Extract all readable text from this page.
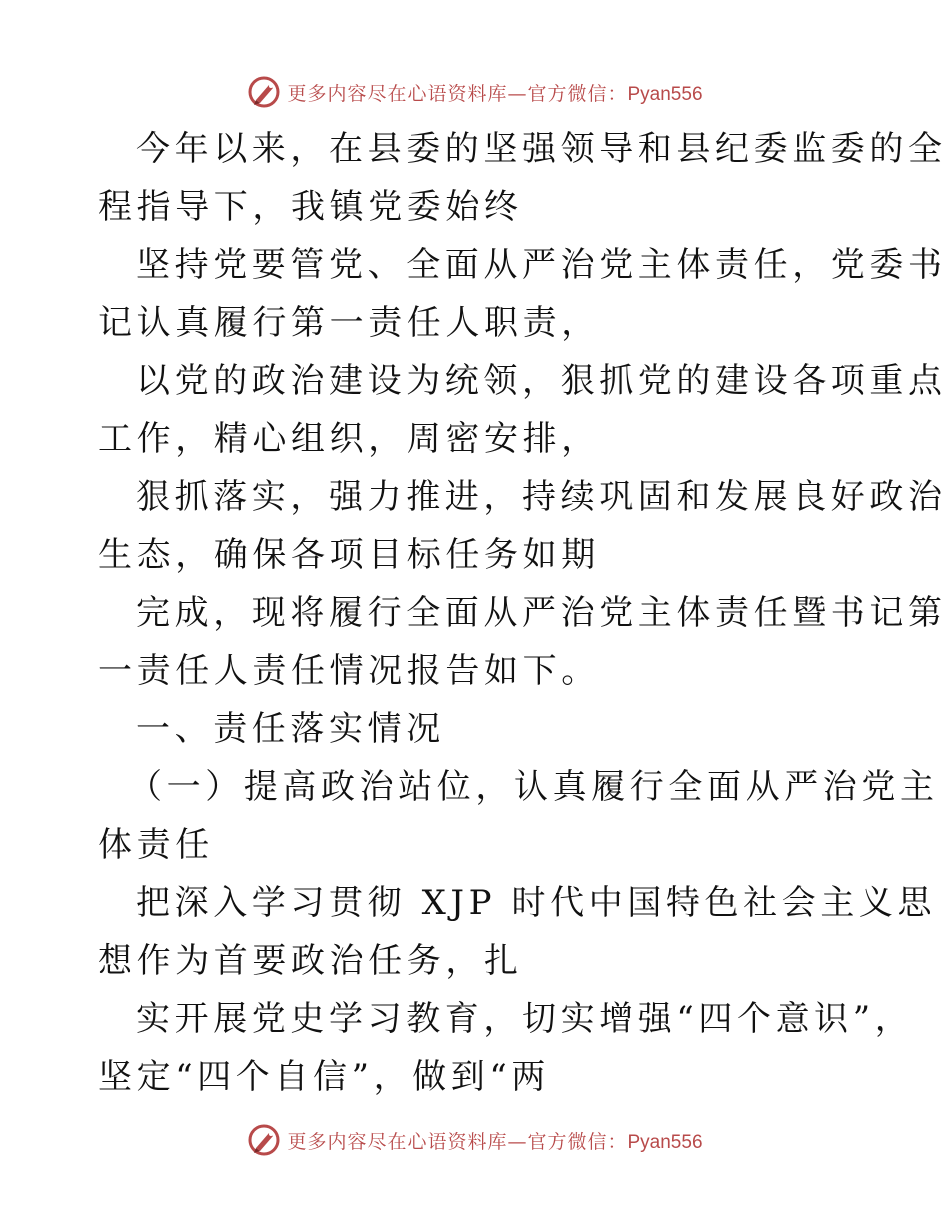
更多内容尽在心语资料库—官方微信：Pyan556
今年以来，在县委的坚强领导和县纪委监委的全
程指导下，我镇党委始终
坚持党要管党、全面从严治党主体责任，党委书
记认真履行第一责任人职责，
以党的政治建设为统领，狠抓党的建设各项重点
工作，精心组织，周密安排，
狠抓落实，强力推进，持续巩固和发展良好政治
生态，确保各项目标任务如期
完成，现将履行全面从严治党主体责任暨书记第
一责任人责任情况报告如下。
一、责任落实情况
（一）提高政治站位，认真履行全面从严治党主
体责任
把深入学习贯彻 XJP 时代中国特色社会主义思
想作为首要政治任务，扎
实开展党史学习教育，切实增强“四个意识”，
坚定“四个自信”，做到“两
更多内容尽在心语资料库—官方微信：Pyan556
